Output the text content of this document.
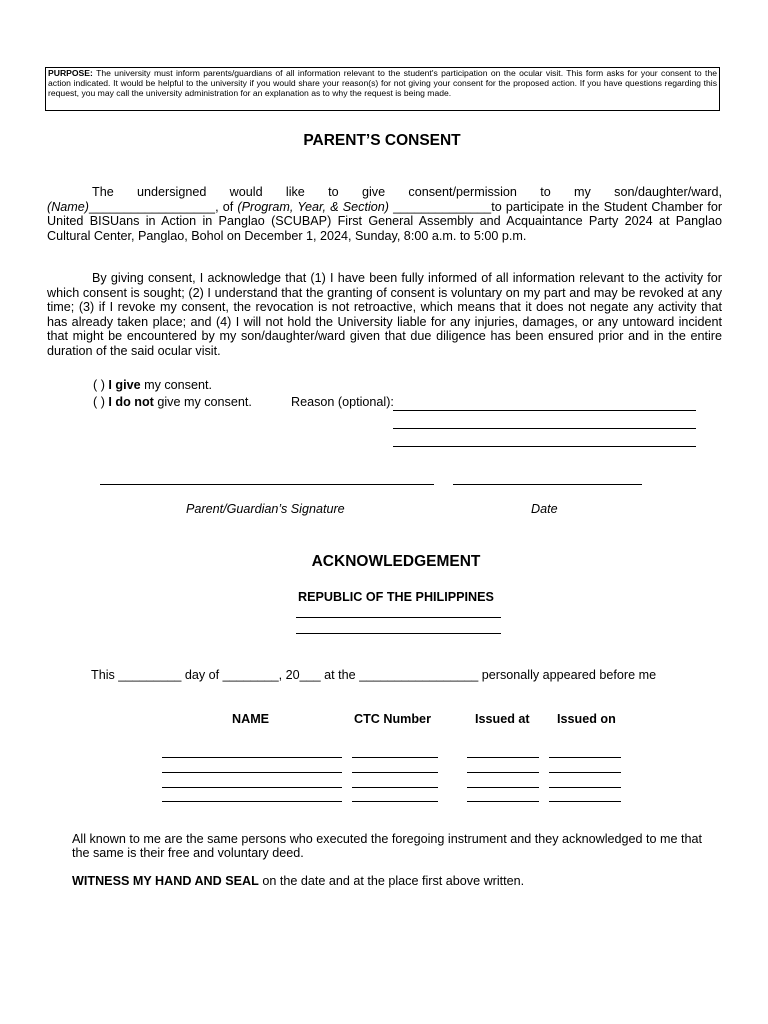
PURPOSE: The university must inform parents/guardians of all information relevant to the student's participation on the ocular visit. This form asks for your consent to the action indicated. It would be helpful to the university if you would share your reason(s) for not giving your consent for the proposed action. If you have questions regarding this request, you may call the university administration for an explanation as to why the request is being made.
PARENT’S CONSENT
The undersigned would like to give consent/permission to my son/daughter/ward,
(Name)__________________, of (Program, Year, & Section) ______________to participate in the Student Chamber for
United BISUans in Action in Panglao (SCUBAP) First General Assembly and Acquaintance Party 2024 at Panglao
Cultural Center, Panglao, Bohol on December 1, 2024, Sunday, 8:00 a.m. to 5:00 p.m.
By giving consent, I acknowledge that (1) I have been fully informed of all information relevant to the activity for which consent is sought; (2) I understand that the granting of consent is voluntary on my part and may be revoked at any time; (3) if I revoke my consent, the revocation is not retroactive, which means that it does not negate any activity that has already taken place; and (4) I will not hold the University liable for any injuries, damages, or any untoward incident that might be encountered by my son/daughter/ward given that due diligence has been ensured prior and in the entire duration of the said ocular visit.
( ) I give my consent.
( ) I do not give my consent.	Reason (optional):
Parent/Guardian’s Signature	Date
ACKNOWLEDGEMENT
REPUBLIC OF THE PHILIPPINES
This _________ day of ________, 20___ at the _________________ personally appeared before me
NAME	CTC Number	Issued at Issued on
All known to me are the same persons who executed the foregoing instrument and they acknowledged to me that
the same is their free and voluntary deed.
WITNESS MY HAND AND SEAL on the date and at the place first above written.
